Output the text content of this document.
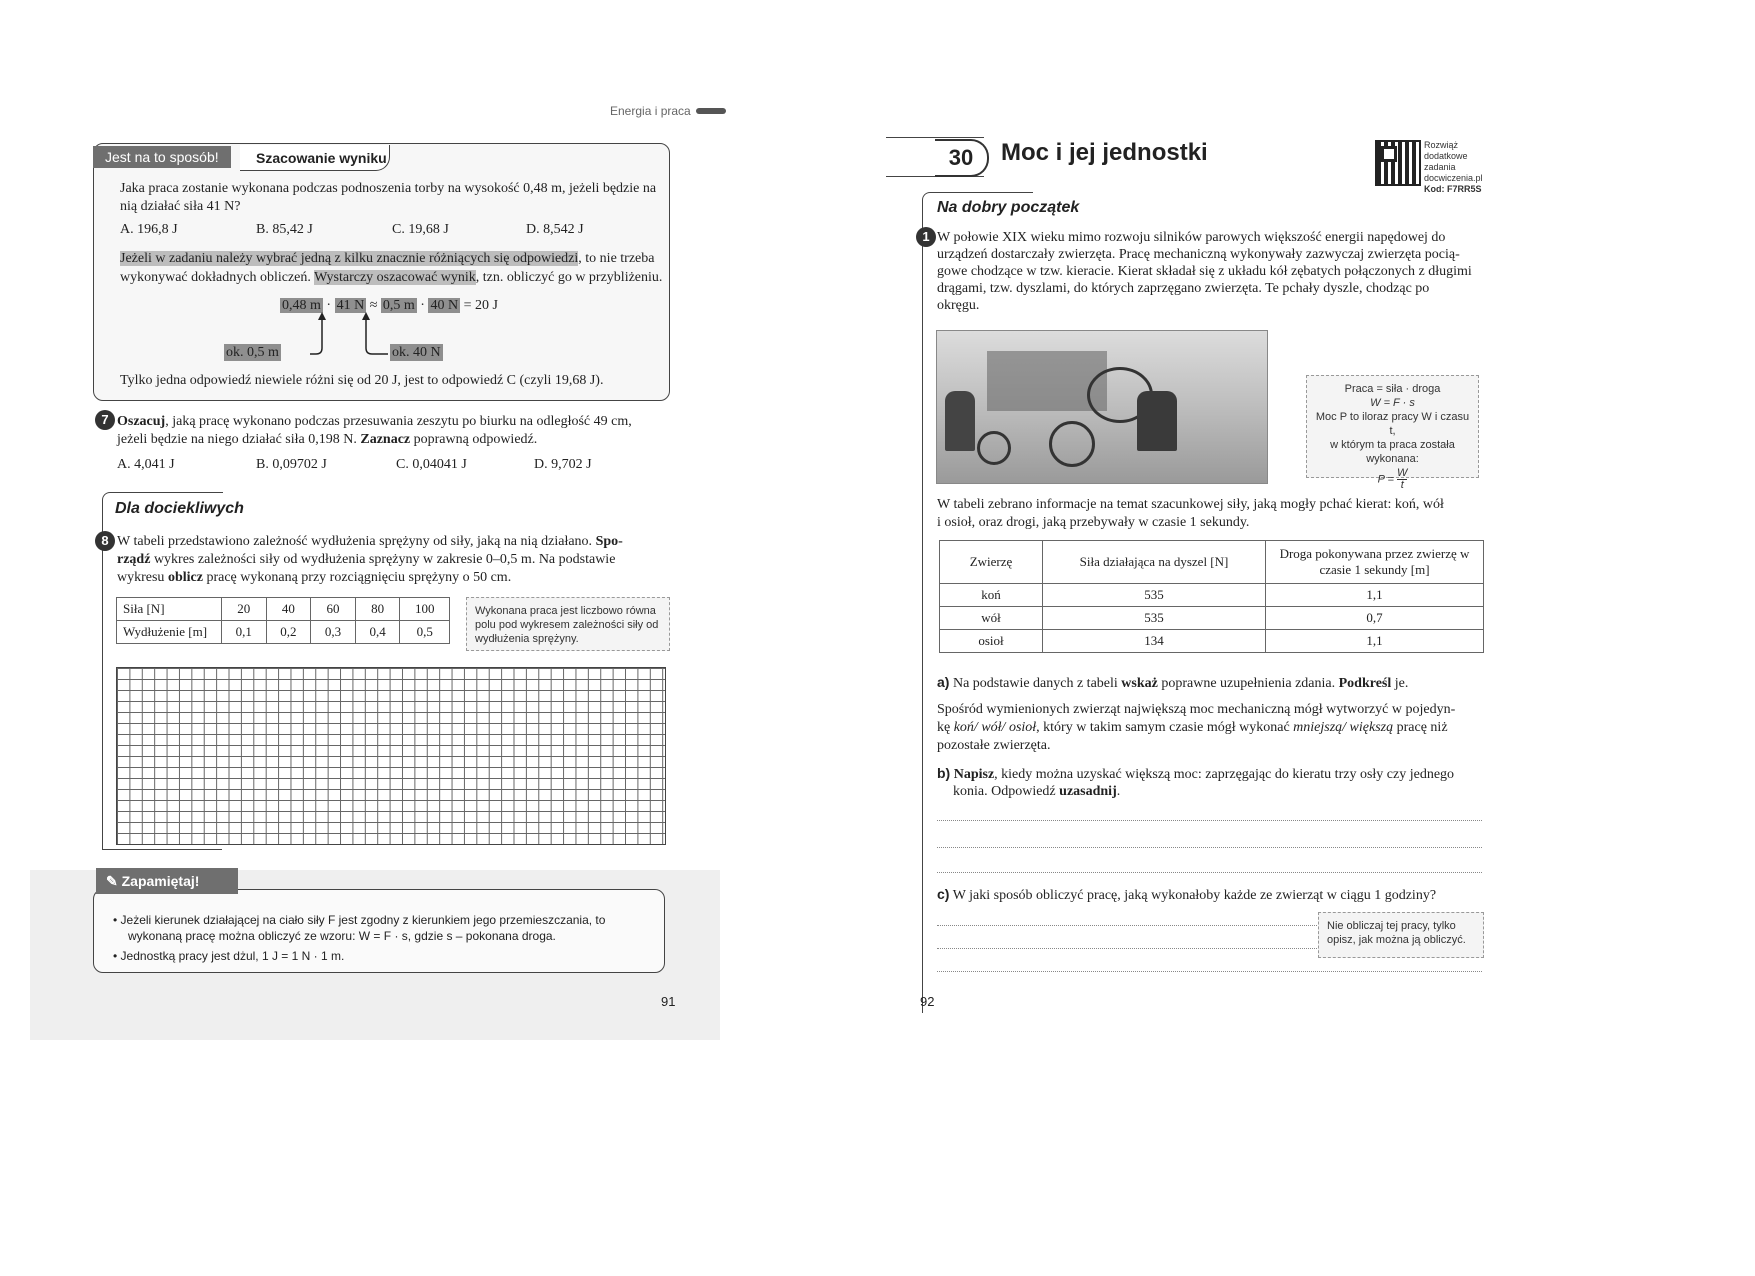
Energia i praca
Jest na to sposób!	Szacowanie wyniku
Jaka praca zostanie wykonana podczas podnoszenia torby na wysokość 0,48 m, jeżeli będzie na
nią działać siła 41 N?
A. 196,8 J	B. 85,42 J	C. 19,68 J	D. 8,542 J
Jeżeli w zadaniu należy wybrać jedną z kilku znacznie różniących się odpowiedzi, to nie trzeba
wykonywać dokładnych obliczeń. Wystarczy oszacować wynik, tzn. obliczyć go w przybliżeniu.
0,48 m · 41 N ≈ 0,5 m · 40 N = 20 J
ok. 0,5 m	ok. 40 N
Tylko jedna odpowiedź niewiele różni się od 20 J, jest to odpowiedź C (czyli 19,68 J).
7 Oszacuj, jaką pracę wykonano podczas przesuwania zeszytu po biurku na odległość 49 cm,
jeżeli będzie na niego działać siła 0,198 N. Zaznacz poprawną odpowiedź.
A. 4,041 J	B. 0,09702 J	C. 0,04041 J	D. 9,702 J
Dla dociekliwych
8 W tabeli przedstawiono zależność wydłużenia sprężyny od siły, jaką na nią działano. Spo-
rządź wykres zależności siły od wydłużenia sprężyny w zakresie 0–0,5 m. Na podstawie
wykresu oblicz pracę wykonaną przy rozciągnięciu sprężyny o 50 cm.
Siła [N]	20	40	60	80	100
Wydłużenie [m]	0,1	0,2	0,3	0,4	0,5
Wykonana praca jest liczbowo równa polu pod wykresem zależności siły od wydłużenia sprężyny.
✎ Zapamiętaj!
• Jeżeli kierunek działającej na ciało siły F jest zgodny z kierunkiem jego przemieszczania, to
wykonaną pracę można obliczyć ze wzoru: W = F · s, gdzie s – pokonana droga.
• Jednostką pracy jest dżul, 1 J = 1 N · 1 m.
91
30	Moc i jej jednostki	Rozwiąż
dodatkowe
zadania
docwiczenia.pl
Kod: F7RR5S
Na dobry początek
1 W połowie XIX wieku mimo rozwoju silników parowych większość energii napędowej do
urządzeń dostarczały zwierzęta. Pracę mechaniczną wykonywały zazwyczaj zwierzęta pocią-
gowe chodzące w tzw. kieracie. Kierat składał się z układu kół zębatych połączonych z długimi
drągami, tzw. dyszlami, do których zaprzęgano zwierzęta. Te pchały dyszle, chodząc po
okręgu.
Praca = siła · droga
W = F · s
Moc P to iloraz pracy W i czasu t,
w którym ta praca została
wykonana:
$P = \frac{W}{t}$
W tabeli zebrano informacje na temat szacunkowej siły, jaką mogły pchać kierat: koń, wół
i osioł, oraz drogi, jaką przebywały w czasie 1 sekundy.
Zwierzę	Siła działająca na dyszel [N]	Droga pokonywana przez zwierzę w czasie 1 sekundy [m]
koń	535	1,1
wół	535	0,7
osioł	134	1,1
a) Na podstawie danych z tabeli wskaż poprawne uzupełnienia zdania. Podkreśl je.
Spośród wymienionych zwierząt największą moc mechaniczną mógł wytworzyć w pojedyn-
kę koń/ wół/ osioł, który w takim samym czasie mógł wykonać mniejszą/ większą pracę niż
pozostałe zwierzęta.
b) Napisz, kiedy można uzyskać większą moc: zaprzęgając do kieratu trzy osły czy jednego
konia. Odpowiedź uzasadnij.
c) W jaki sposób obliczyć pracę, jaką wykonałoby każde ze zwierząt w ciągu 1 godziny?
Nie obliczaj tej pracy, tylko opisz, jak można ją obliczyć.
92
